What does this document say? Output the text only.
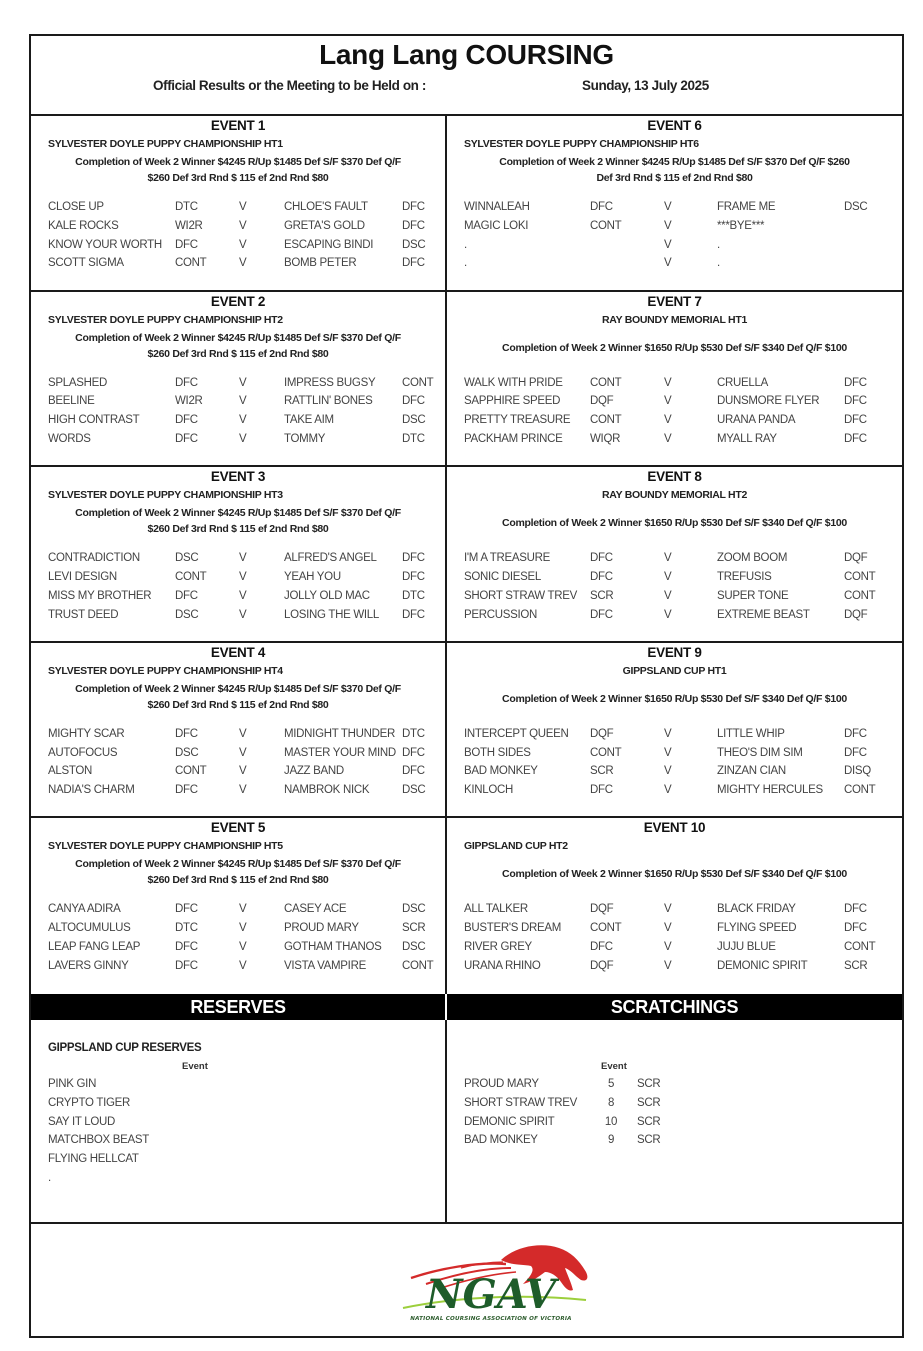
Lang Lang COURSING
Official Results or the Meeting to be Held on :	Sunday, 13 July 2025
EVENT 1
SYLVESTER DOYLE PUPPY CHAMPIONSHIP HT1
Completion of Week 2 Winner $4245 R/Up $1485 Def S/F $370 Def Q/F
$260 Def 3rd Rnd $ 115 ef 2nd Rnd $80
CLOSE UP	DTC	V	CHLOE'S FAULT	DFC
KALE ROCKS	WI2R	V	GRETA'S GOLD	DFC
KNOW YOUR WORTH DFC	V	ESCAPING BINDI	DSC
SCOTT SIGMA	CONT	V	BOMB PETER	DFC
EVENT 2
SYLVESTER DOYLE PUPPY CHAMPIONSHIP HT2
Completion of Week 2 Winner $4245 R/Up $1485 Def S/F $370 Def Q/F
$260 Def 3rd Rnd $ 115 ef 2nd Rnd $80
SPLASHED	DFC	V	IMPRESS BUGSY CONT
BEELINE	WI2R	V	RATTLIN' BONES	DFC
HIGH CONTRAST	DFC	V	TAKE AIM	DSC
WORDS	DFC	V	TOMMY	DTC
EVENT 3
SYLVESTER DOYLE PUPPY CHAMPIONSHIP HT3
Completion of Week 2 Winner $4245 R/Up $1485 Def S/F $370 Def Q/F
$260 Def 3rd Rnd $ 115 ef 2nd Rnd $80
CONTRADICTION	DSC	V	ALFRED'S ANGEL DFC
LEVI DESIGN	CONT	V	YEAH YOU	DFC
MISS MY BROTHER DFC	V	JOLLY OLD MAC	DTC
TRUST DEED	DSC	V	LOSING THE WILL DFC
EVENT 4
SYLVESTER DOYLE PUPPY CHAMPIONSHIP HT4
Completion of Week 2 Winner $4245 R/Up $1485 Def S/F $370 Def Q/F
$260 Def 3rd Rnd $ 115 ef 2nd Rnd $80
MIGHTY SCAR	DFC	V	MIDNIGHT THUNDER DTC
AUTOFOCUS	DSC	V	MASTER YOUR MIND DFC
ALSTON	CONT	V	JAZZ BAND	DFC
NADIA'S CHARM	DFC	V	NAMBROK NICK	DSC
EVENT 5
SYLVESTER DOYLE PUPPY CHAMPIONSHIP HT5
Completion of Week 2 Winner $4245 R/Up $1485 Def S/F $370 Def Q/F
$260 Def 3rd Rnd $ 115 ef 2nd Rnd $80
CANYA ADIRA	DFC	V	CASEY ACE	DSC
ALTOCUMULUS	DTC	V	PROUD MARY	SCR
LEAP FANG LEAP	DFC	V	GOTHAM THANOS DSC
LAVERS GINNY	DFC	V	VISTA VAMPIRE	CONT
EVENT 6
SYLVESTER DOYLE PUPPY CHAMPIONSHIP HT6
Completion of Week 2 Winner $4245 R/Up $1485 Def S/F $370 Def Q/F $260
Def 3rd Rnd $ 115 ef 2nd Rnd $80
WINNALEAH	DFC	V	FRAME ME	DSC
MAGIC LOKI	CONT	V	***BYE***
.	V	.
.	V	.
EVENT 7
RAY BOUNDY MEMORIAL HT1
Completion of Week 2 Winner $1650 R/Up $530 Def S/F $340 Def Q/F $100
WALK WITH PRIDE CONT	V	CRUELLA	DFC
SAPPHIRE SPEED	DQF	V	DUNSMORE FLYER DFC
PRETTY TREASURE CONT	V	URANA PANDA	DFC
PACKHAM PRINCE WIQR	V	MYALL RAY	DFC
EVENT 8
RAY BOUNDY MEMORIAL HT2
Completion of Week 2 Winner $1650 R/Up $530 Def S/F $340 Def Q/F $100
I'M A TREASURE	DFC	V	ZOOM BOOM	DQF
SONIC DIESEL	DFC	V	TREFUSIS	CONT
SHORT STRAW TREV SCR	V	SUPER TONE	CONT
PERCUSSION	DFC	V	EXTREME BEAST	DQF
EVENT 9
GIPPSLAND CUP HT1
Completion of Week 2 Winner $1650 R/Up $530 Def S/F $340 Def Q/F $100
INTERCEPT QUEEN DQF	V	LITTLE WHIP	DFC
BOTH SIDES	CONT	V	THEO'S DIM SIM	DFC
BAD MONKEY	SCR	V	ZINZAN CIAN	DISQ
KINLOCH	DFC	V	MIGHTY HERCULES CONT
EVENT 10
GIPPSLAND CUP HT2
Completion of Week 2 Winner $1650 R/Up $530 Def S/F $340 Def Q/F $100
ALL TALKER	DQF	V	BLACK FRIDAY	DFC
BUSTER'S DREAM	CONT	V	FLYING SPEED	DFC
RIVER GREY	DFC	V	JUJU BLUE	CONT
URANA RHINO	DQF	V	DEMONIC SPIRIT	SCR
RESERVES	SCRATCHINGS
GIPPSLAND CUP RESERVES
Event
PINK GIN
CRYPTO TIGER
SAY IT LOUD
MATCHBOX BEAST
FLYING HELLCAT
.
Event
PROUD MARY	5	SCR
SHORT STRAW TREV	8	SCR
DEMONIC SPIRIT	10	SCR
BAD MONKEY	9	SCR
NGAV
NATIONAL COURSING ASSOCIATION OF VICTORIA
